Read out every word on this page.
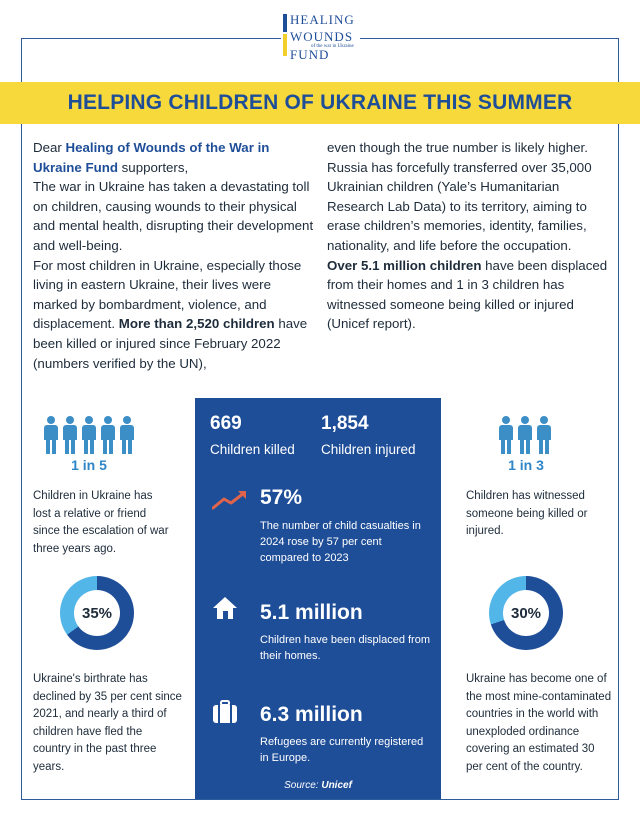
HEALING
WOUNDS
of the war in Ukraine
FUND
HELPING CHILDREN OF UKRAINE THIS SUMMER

Dear Healing of Wounds of the War in Ukraine Fund supporters,

The war in Ukraine has taken a devastating toll on children, causing wounds to their physical and mental health, disrupting their development and well-being.

For most children in Ukraine, especially those living in eastern Ukraine, their lives were marked by bombardment, violence, and displacement. More than 2,520 children have been killed or injured since February 2022 (numbers verified by the UN),

even though the true number is likely higher. Russia has forcefully transferred over 35,000 Ukrainian children (Yale’s Humanitarian Research Lab Data) to its territory, aiming to erase children’s memories, identity, families, nationality, and life before the occupation.

Over 5.1 million children have been displaced from their homes and 1 in 3 children has witnessed someone being killed or injured (Unicef report).

1 in 5
Children in Ukraine has lost a relative or friend since the escalation of war three years ago.
35%
Ukraine's birthrate has declined by 35 per cent since 2021, and nearly a third of children have fled the country in the past three years.
1 in 3
Children has witnessed someone being killed or injured.
30%
Ukraine has become one of the most mine-contaminated countries in the world with unexploded ordinance covering an estimated 30 per cent of the country.
669
Children killed
1,854
Children injured
57%
The number of child casualties in 2024 rose by 57 per cent compared to 2023
5.1 million
Children have been displaced from their homes.
6.3 million
Refugees are currently registered in Europe.
Source: Unicef
